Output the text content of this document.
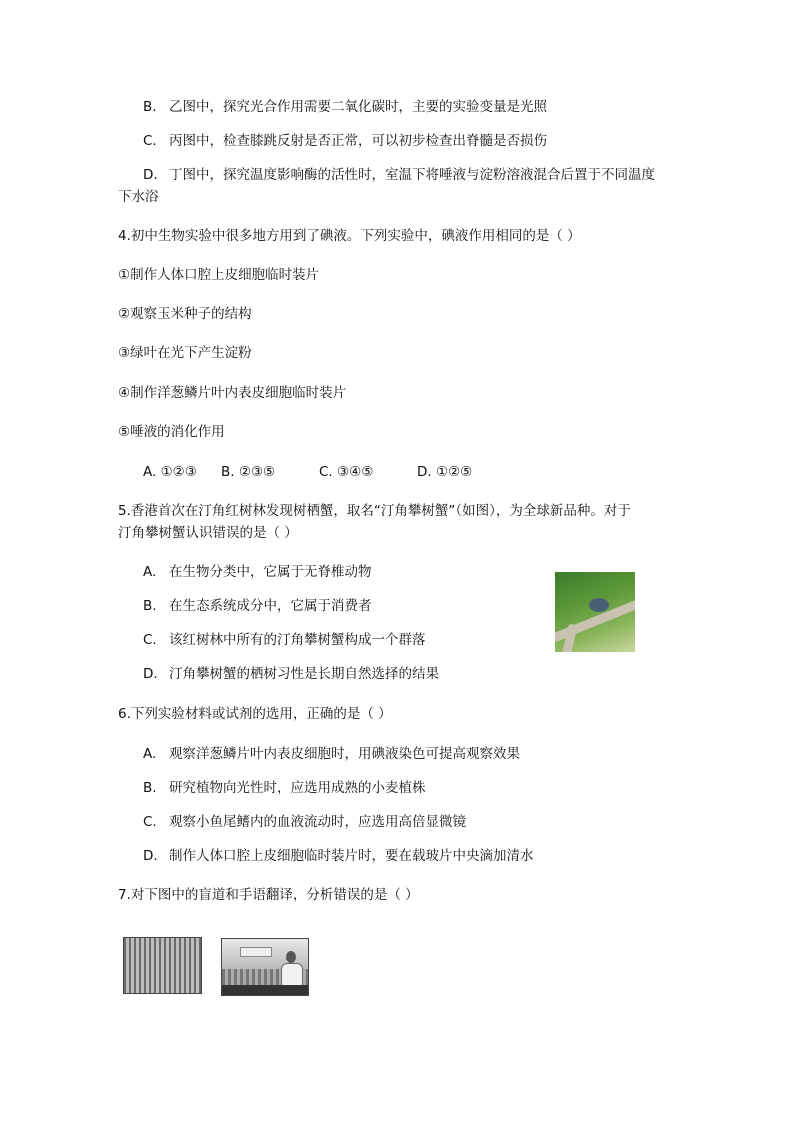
B. 乙图中，探究光合作用需要二氧化碳时，主要的实验变量是光照
C. 丙图中，检查膝跳反射是否正常，可以初步检查出脊髓是否损伤
D. 丁图中，探究温度影响酶的活性时，室温下将唾液与淀粉溶液混合后置于不同温度
下水浴
4.初中生物实验中很多地方用到了碘液。下列实验中，碘液作用相同的是（ ）
①制作人体口腔上皮细胞临时装片
②观察玉米种子的结构
③绿叶在光下产生淀粉
④制作洋葱鳞片叶内表皮细胞临时装片
⑤唾液的消化作用
A. ①②③ B. ②③⑤	C. ③④⑤	D. ①②⑤
5.香港首次在汀角红树林发现树栖蟹，取名“汀角攀树蟹”（如图），为全球新品种。对于
汀角攀树蟹认识错误的是（ ）
A. 在生物分类中，它属于无脊椎动物
B. 在生态系统成分中，它属于消费者
C. 该红树林中所有的汀角攀树蟹构成一个群落
D. 汀角攀树蟹的栖树习性是长期自然选择的结果
6.下列实验材料或试剂的选用，正确的是（ ）
A. 观察洋葱鳞片叶内表皮细胞时，用碘液染色可提高观察效果
B. 研究植物向光性时，应选用成熟的小麦植株
C. 观察小鱼尾鳍内的血液流动时，应选用高倍显微镜
D. 制作人体口腔上皮细胞临时装片时，要在载玻片中央滴加清水
7.对下图中的盲道和手语翻译，分析错误的是（ ）
